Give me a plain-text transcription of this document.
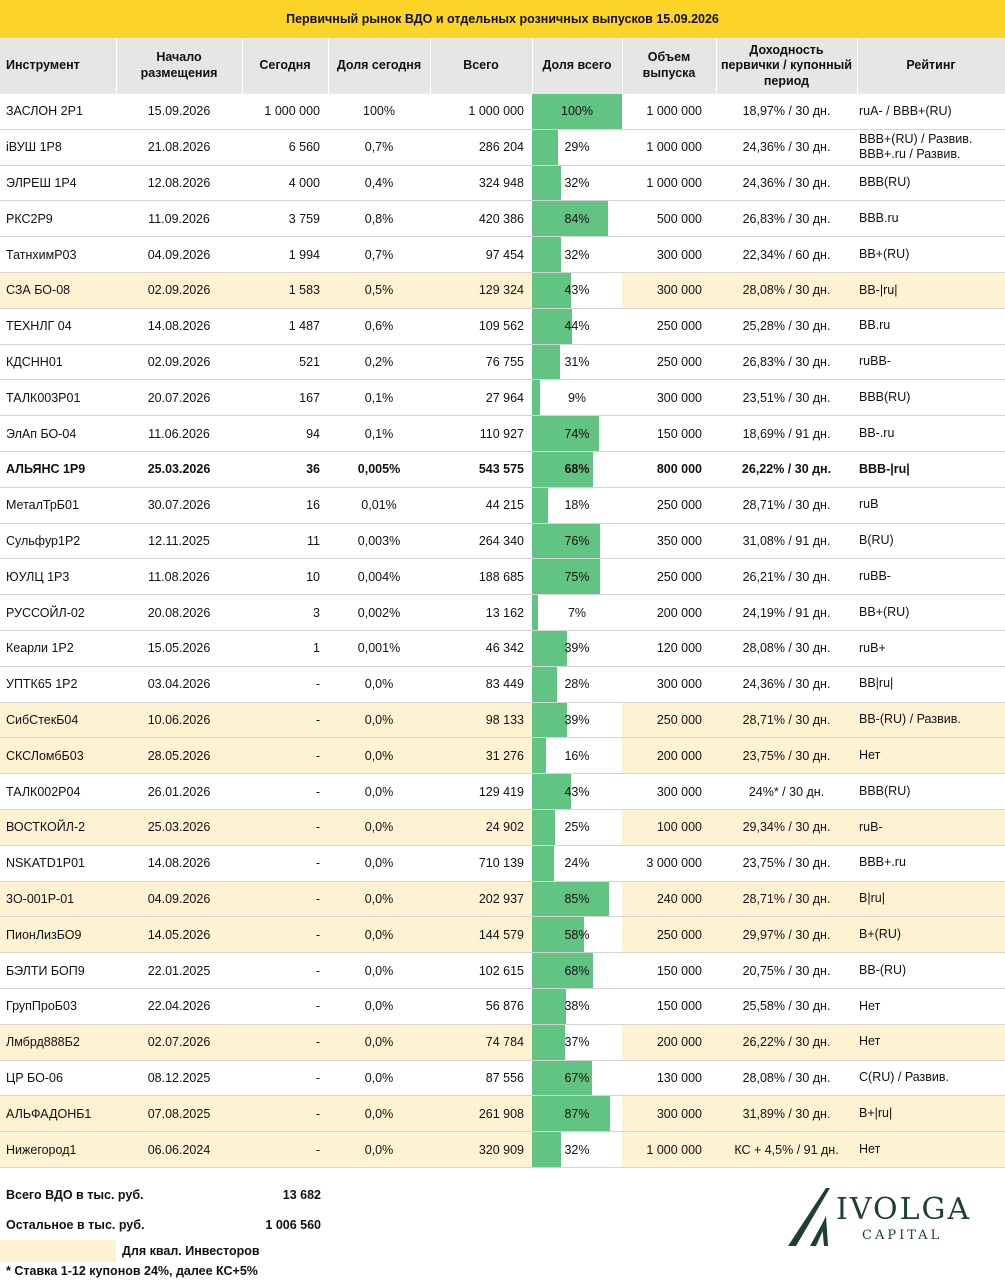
Первичный рынок ВДО и отдельных розничных выпусков 15.09.2026
Инструмент	Начало размещения	Сегодня	Доля сегодня	Всего	Доля всего	Объем выпуска	Доходность первички / купонный период	Рейтинг
ЗАСЛОН 2Р1	15.09.2026	1 000 000	100%	1 000 000	100%	1 000 000	18,97% / 30 дн.	ruA- / BBB+(RU)
iВУШ 1Р8	21.08.2026	6 560	0,7%	286 204	29%	1 000 000	24,36% / 30 дн.	BBB+(RU) / Развив. BBB+.ru / Развив.
ЭЛРЕШ 1Р4	12.08.2026	4 000	0,4%	324 948	32%	1 000 000	24,36% / 30 дн.	BBB(RU)
РКС2Р9	11.09.2026	3 759	0,8%	420 386	84%	500 000	26,83% / 30 дн.	BBB.ru
ТатнхимР03	04.09.2026	1 994	0,7%	97 454	32%	300 000	22,34% / 60 дн.	BB+(RU)
СЗА БО-08	02.09.2026	1 583	0,5%	129 324	43%	300 000	28,08% / 30 дн.	BB-|ru|
ТЕХНЛГ 04	14.08.2026	1 487	0,6%	109 562	44%	250 000	25,28% / 30 дн.	BB.ru
КДСНН01	02.09.2026	521	0,2%	76 755	31%	250 000	26,83% / 30 дн.	ruBB-
ТАЛК003Р01	20.07.2026	167	0,1%	27 964	9%	300 000	23,51% / 30 дн.	BBB(RU)
ЭлАп БО-04	11.06.2026	94	0,1%	110 927	74%	150 000	18,69% / 91 дн.	BB-.ru
АЛЬЯНС 1Р9	25.03.2026	36	0,005%	543 575	68%	800 000	26,22% / 30 дн.	BBB-|ru|
МеталТрБ01	30.07.2026	16	0,01%	44 215	18%	250 000	28,71% / 30 дн.	ruB
Сульфур1Р2	12.11.2025	11	0,003%	264 340	76%	350 000	31,08% / 91 дн.	B(RU)
ЮУЛЦ 1Р3	11.08.2026	10	0,004%	188 685	75%	250 000	26,21% / 30 дн.	ruBB-
РУССОЙЛ-02	20.08.2026	3	0,002%	13 162	7%	200 000	24,19% / 91 дн.	BB+(RU)
Кеарли 1Р2	15.05.2026	1	0,001%	46 342	39%	120 000	28,08% / 30 дн.	ruB+
УПТК65 1Р2	03.04.2026	-	0,0%	83 449	28%	300 000	24,36% / 30 дн.	BB|ru|
СибСтекБ04	10.06.2026	-	0,0%	98 133	39%	250 000	28,71% / 30 дн.	BB-(RU) / Развив.
СКСЛомбБ03	28.05.2026	-	0,0%	31 276	16%	200 000	23,75% / 30 дн.	Нет
ТАЛК002Р04	26.01.2026	-	0,0%	129 419	43%	300 000	24%* / 30 дн.	BBB(RU)
ВОСТКОЙЛ-2	25.03.2026	-	0,0%	24 902	25%	100 000	29,34% / 30 дн.	ruB-
NSKATD1P01	14.08.2026	-	0,0%	710 139	24%	3 000 000	23,75% / 30 дн.	BBB+.ru
3О-001Р-01	04.09.2026	-	0,0%	202 937	85%	240 000	28,71% / 30 дн.	B|ru|
ПионЛизБО9	14.05.2026	-	0,0%	144 579	58%	250 000	29,97% / 30 дн.	B+(RU)
БЭЛТИ БОП9	22.01.2025	-	0,0%	102 615	68%	150 000	20,75% / 30 дн.	BB-(RU)
ГрупПроБ03	22.04.2026	-	0,0%	56 876	38%	150 000	25,58% / 30 дн.	Нет
Лмбрд888Б2	02.07.2026	-	0,0%	74 784	37%	200 000	26,22% / 30 дн.	Нет
ЦР БО-06	08.12.2025	-	0,0%	87 556	67%	130 000	28,08% / 30 дн.	C(RU) / Развив.
АЛЬФАДОНБ1	07.08.2025	-	0,0%	261 908	87%	300 000	31,89% / 30 дн.	B+|ru|
Нижегород1	06.06.2024	-	0,0%	320 909	32%	1 000 000	КС + 4,5% / 91 дн.	Нет
Всего ВДО в тыс. руб.	13 682
Остальное в тыс. руб.	1 006 560
Для квал. Инвесторов
* Ставка 1-12 купонов 24%, далее КС+5%
IVOLGA
CAPITAL
